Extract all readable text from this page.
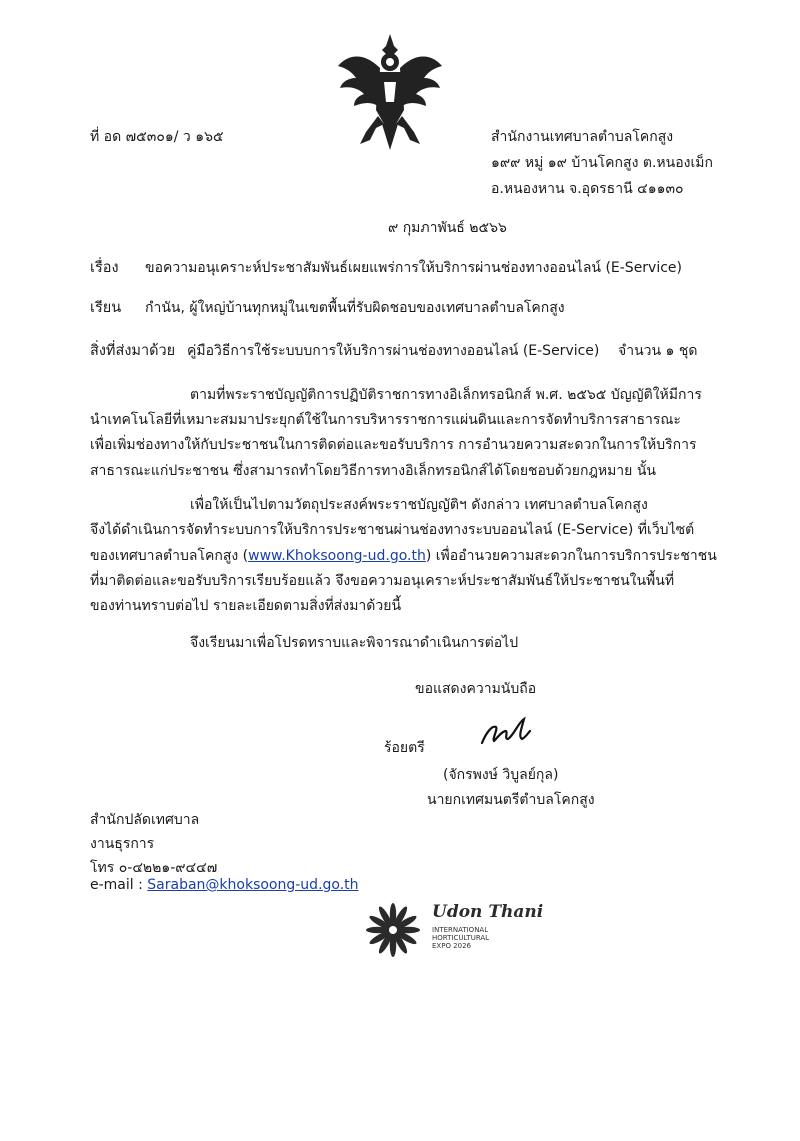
ที่ อด ๗๕๓๐๑/ ว ๑๖๕	สำนักงานเทศบาลตำบลโคกสูง
๑๙๙ หมู่ ๑๙ บ้านโคกสูง ต.หนองเม็ก
อ.หนองหาน จ.อุดรธานี ๔๑๑๓๐
๙ กุมภาพันธ์ ๒๕๖๖
เรื่อง ขอความอนุเคราะห์ประชาสัมพันธ์เผยแพร่การให้บริการผ่านช่องทางออนไลน์ (E-Service)
เรียน กำนัน, ผู้ใหญ่บ้านทุกหมู่ในเขตพื้นที่รับผิดชอบของเทศบาลตำบลโคกสูง
สิ่งที่ส่งมาด้วย คู่มือวิธีการใช้ระบบบการให้บริการผ่านช่องทางออนไลน์ (E-Service) จำนวน ๑ ชุด
ตามที่พระราชบัญญัติการปฏิบัติราชการทางอิเล็กทรอนิกส์ พ.ศ. ๒๕๖๕ บัญญัติให้มีการ
นำเทคโนโลยีที่เหมาะสมมาประยุกต์ใช้ในการบริหารราชการแผ่นดินและการจัดทำบริการสาธารณะ
เพื่อเพิ่มช่องทางให้กับประชาชนในการติดต่อและขอรับบริการ การอำนวยความสะดวกในการให้บริการ
สาธารณะแก่ประชาชน ซึ่งสามารถทำโดยวิธีการทางอิเล็กทรอนิกส์ได้โดยชอบด้วยกฎหมาย นั้น
เพื่อให้เป็นไปตามวัตถุประสงค์พระราชบัญญัติฯ ดังกล่าว เทศบาลตำบลโคกสูง
จึงได้ดำเนินการจัดทำระบบการให้บริการประชาชนผ่านช่องทางระบบออนไลน์ (E-Service) ที่เว็บไซต์
ของเทศบาลตำบลโคกสูง (www.Khoksoong-ud.go.th) เพื่ออำนวยความสะดวกในการบริการประชาชน
ที่มาติดต่อและขอรับบริการเรียบร้อยแล้ว จึงขอความอนุเคราะห์ประชาสัมพันธ์ให้ประชาชนในพื้นที่
ของท่านทราบต่อไป รายละเอียดตามสิ่งที่ส่งมาด้วยนี้
จึงเรียนมาเพื่อโปรดทราบและพิจารณาดำเนินการต่อไป
ขอแสดงความนับถือ
ร้อยตรี
(จักรพงษ์ วิบูลย์กุล)
นายกเทศมนตรีตำบลโคกสูง
สำนักปลัดเทศบาล
งานธุรการ
โทร ๐-๔๒๒๑-๙๔๔๗
e-mail : Saraban@khoksoong-ud.go.th
Udon Thani
INTERNATIONAL
HORTICULTURAL
EXPO 2026
